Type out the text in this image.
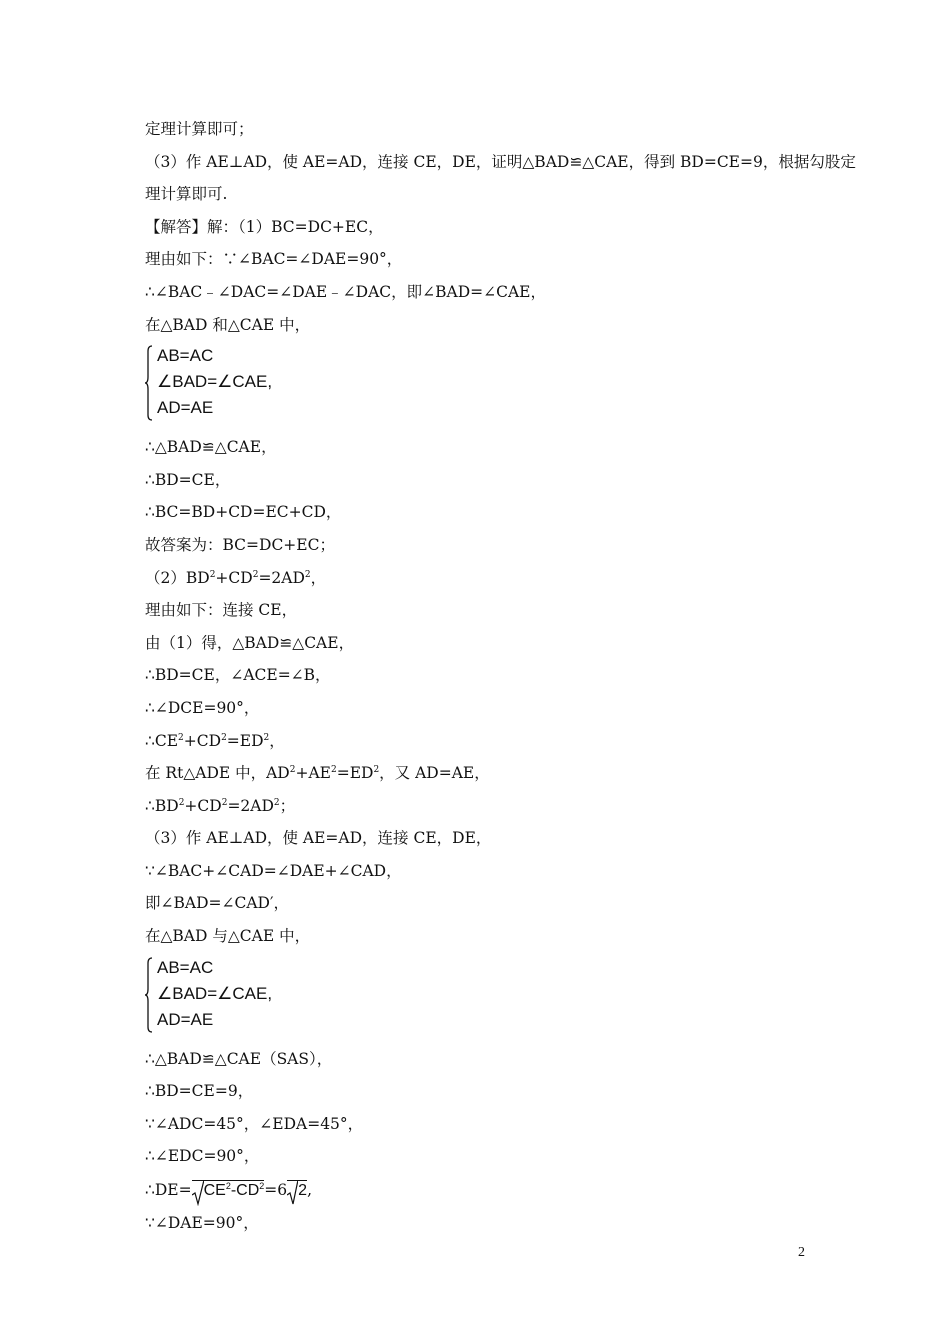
定理计算即可；
（3）作 AE⊥AD，使 AE=AD，连接 CE，DE，证明△BAD≌△CAE，得到 BD=CE=9，根据勾股定
理计算即可.
【解答】解：（1）BC=DC+EC，
理由如下：∵∠BAC=∠DAE=90°，
∴∠BAC﹣∠DAC=∠DAE﹣∠DAC，即∠BAD=∠CAE，
在△BAD 和△CAE 中，
AB=AC
∠BAD=∠CAE,
AD=AE
∴△BAD≌△CAE，
∴BD=CE，
∴BC=BD+CD=EC+CD，
故答案为：BC=DC+EC；
$(2)BD^2+CD^2=2AD^2$，
理由如下：连接 CE，
由（1）得，△BAD≌△CAE，
∴BD=CE，∠ACE=∠B，
∴∠DCE=90°，
$\therefore CE^2+CD^2=ED^2$，
在 Rt△ADE 中，$AD^2+AE^2=ED^2$，又 AD=AE，
$\therefore BD^2+CD^2=2AD^2$；
（3）作 AE⊥AD，使 AE=AD，连接 CE，DE，
∵∠BAC+∠CAD=∠DAE+∠CAD，
即∠BAD=∠CAD′，
在△BAD 与△CAE 中，
AB=AC
∠BAD=∠CAE,
AD=AE
∴△BAD≌△CAE（SAS），
∴BD=CE=9，
∵∠ADC=45°，∠EDA=45°，
∴∠EDC=90°，
∴DE= $CE^2-CD^2=6$ 2,
∵∠DAE=90°，
2
